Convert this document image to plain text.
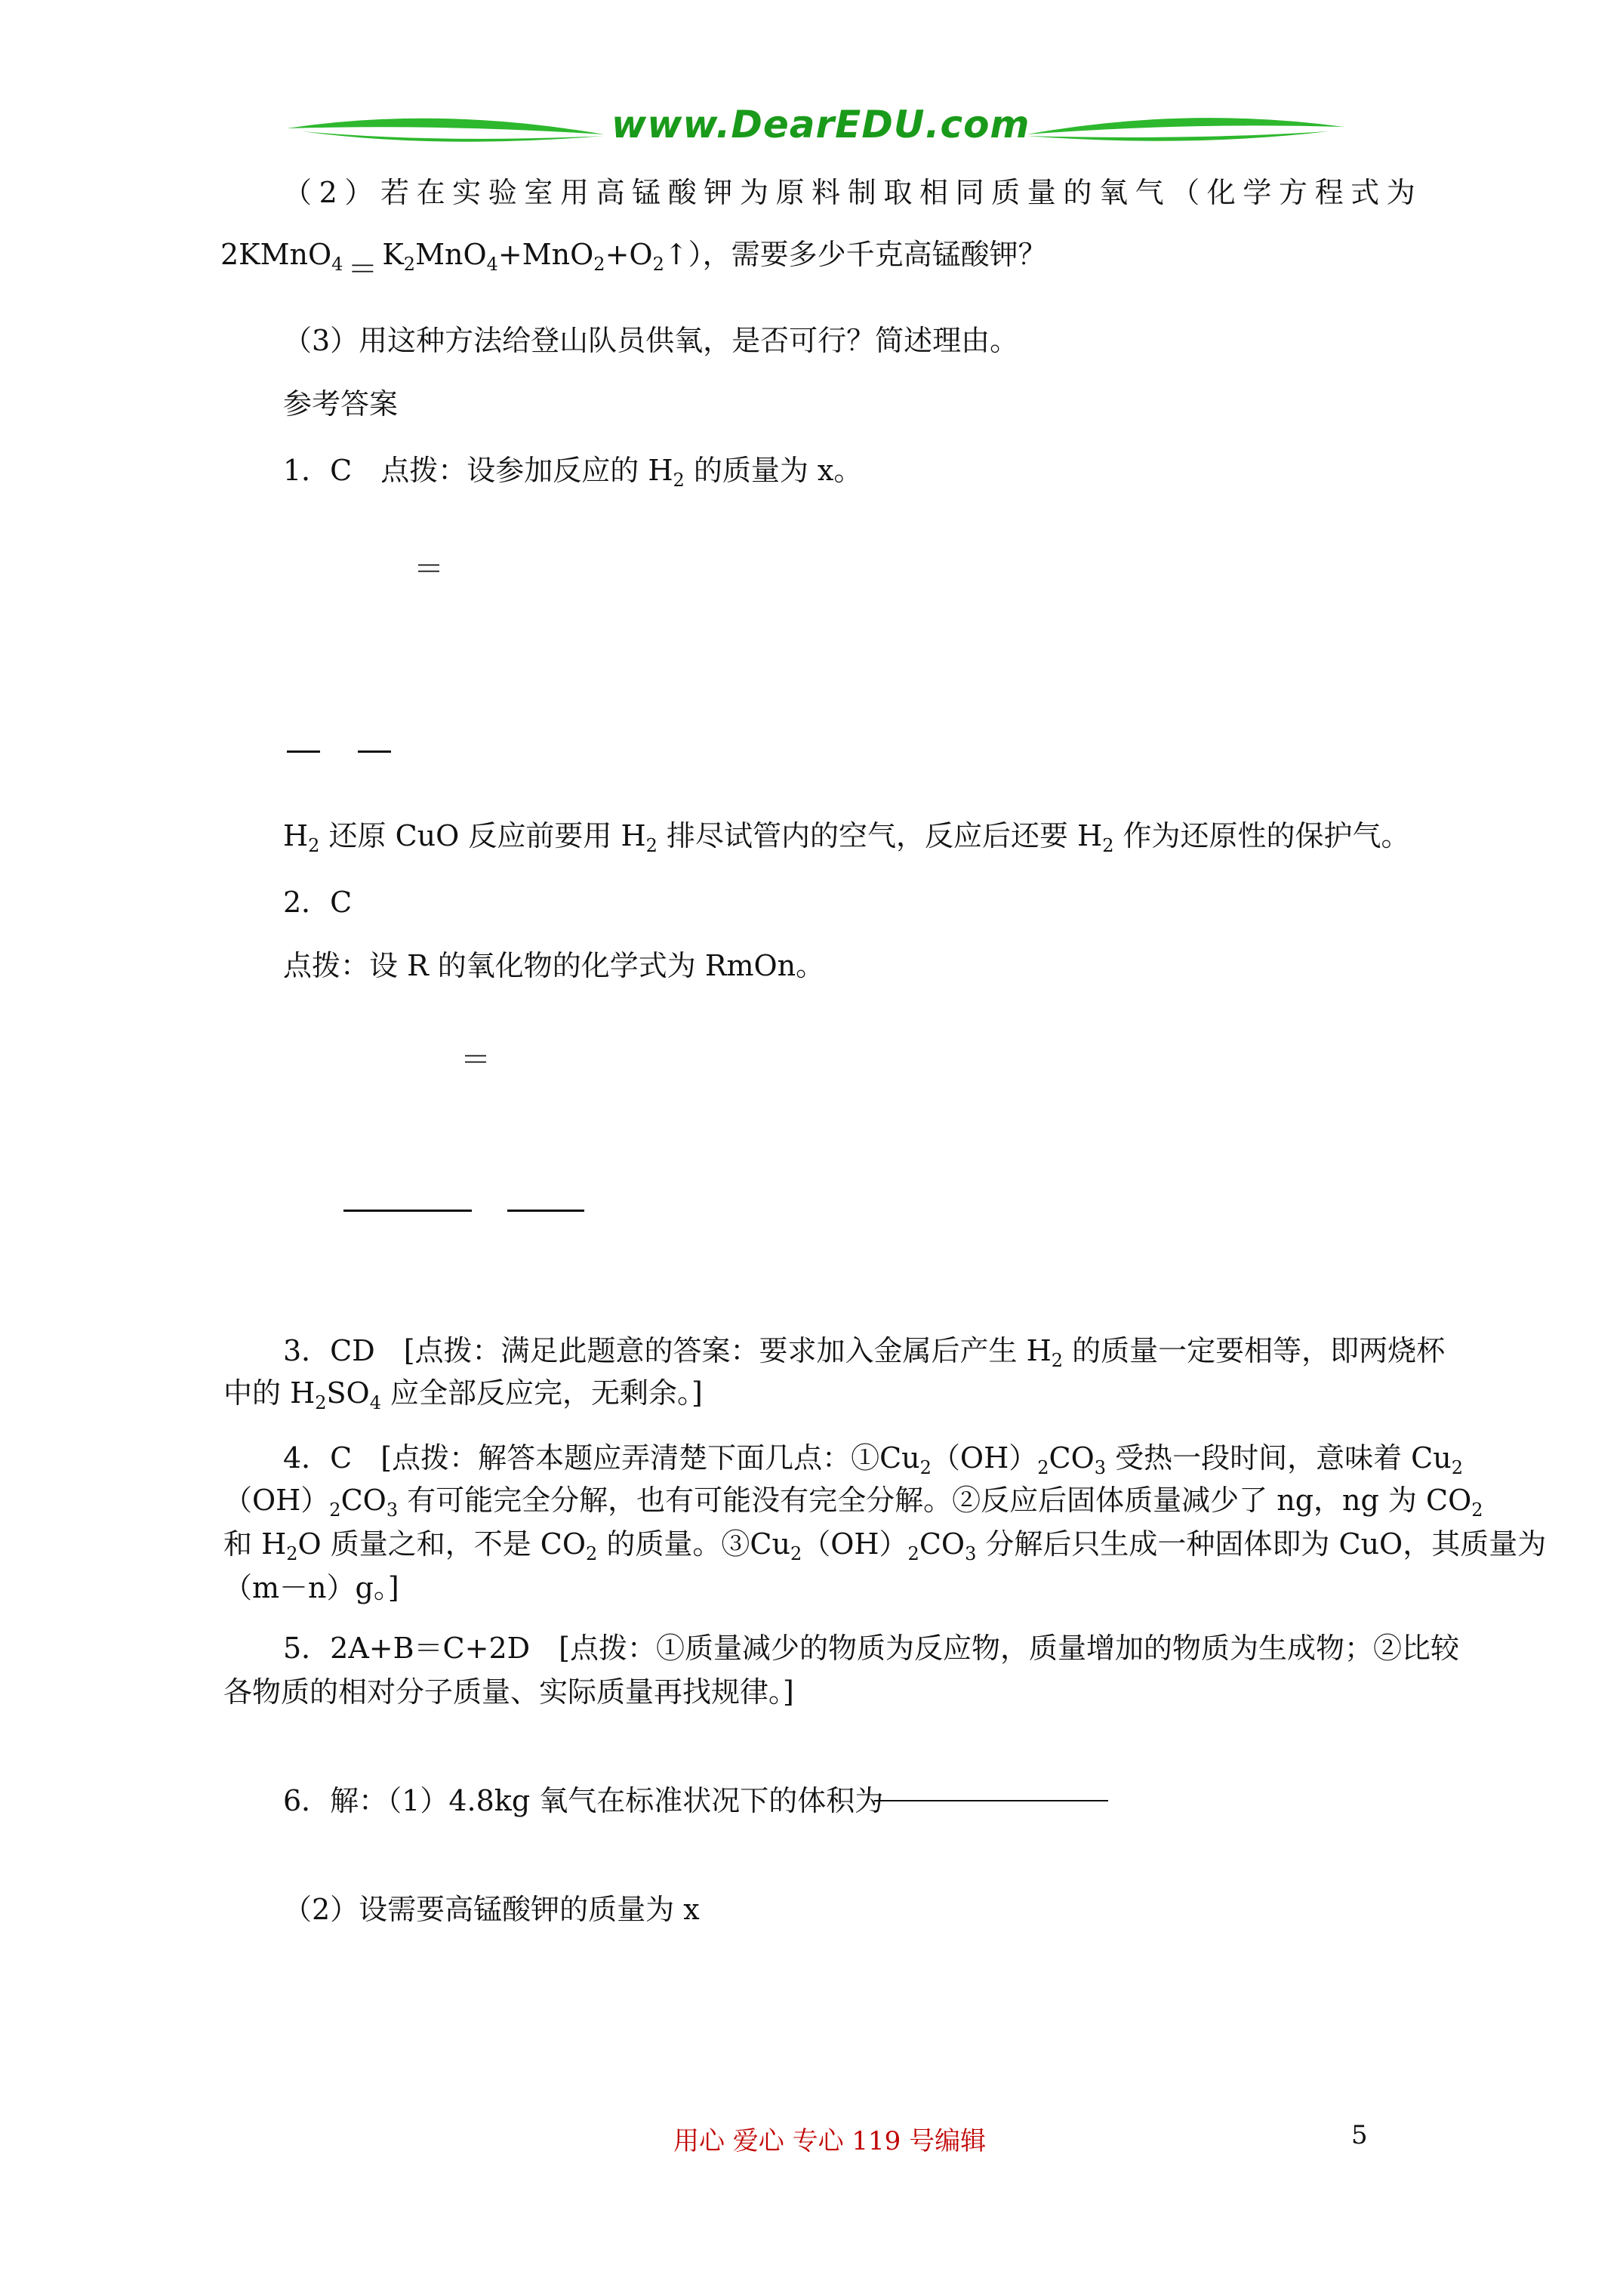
www.DearEDU.com
（2）若在实验室用高锰酸钾为原料制取相同质量的氧气（化学方程式为
2KMnO$_4$ ＝ $K_2MnO_4+MnO_2+O_2↑$），需要多少千克高锰酸钾？
（3）用这种方法给登山队员供氧，是否可行？简述理由。
参考答案
1．C　点拨：设参加反应的 $H_2$ 的质量为 x。
＝
$H_2$ 还原 CuO 反应前要用 $H_2$ 排尽试管内的空气，反应后还要 $H_2$ 作为还原性的保护气。
2．C
点拨：设 R 的氧化物的化学式为 RmOn。
＝
3．CD　[点拨：满足此题意的答案：要求加入金属后产生 $H_2$ 的质量一定要相等，即两烧杯
中的 $H_2SO_4$ 应全部反应完，无剩余。]
4．C　[点拨：解答本题应弄清楚下面几点：$①Cu_2(OH)_2CO_3$ 受热一段时间，意味着 $Cu_2$
$(OH)_2CO_3$ 有可能完全分解，也有可能没有完全分解。②反应后固体质量减少了 ng，ng 为 $CO_2$
和 $H_2O$ 质量之和，不是 $CO_2$ 的质量。$③Cu_2(OH)_2CO_3$ 分解后只生成一种固体即为 CuO，其质量为
（m－n）g。]
5．2A+B＝C+2D　[点拨：①质量减少的物质为反应物，质量增加的物质为生成物；②比较
各物质的相对分子质量、实际质量再找规律。]
6．解：（1）4.8kg 氧气在标准状况下的体积为
（2）设需要高锰酸钾的质量为 x
用心 爱心 专心 119 号编辑	5
